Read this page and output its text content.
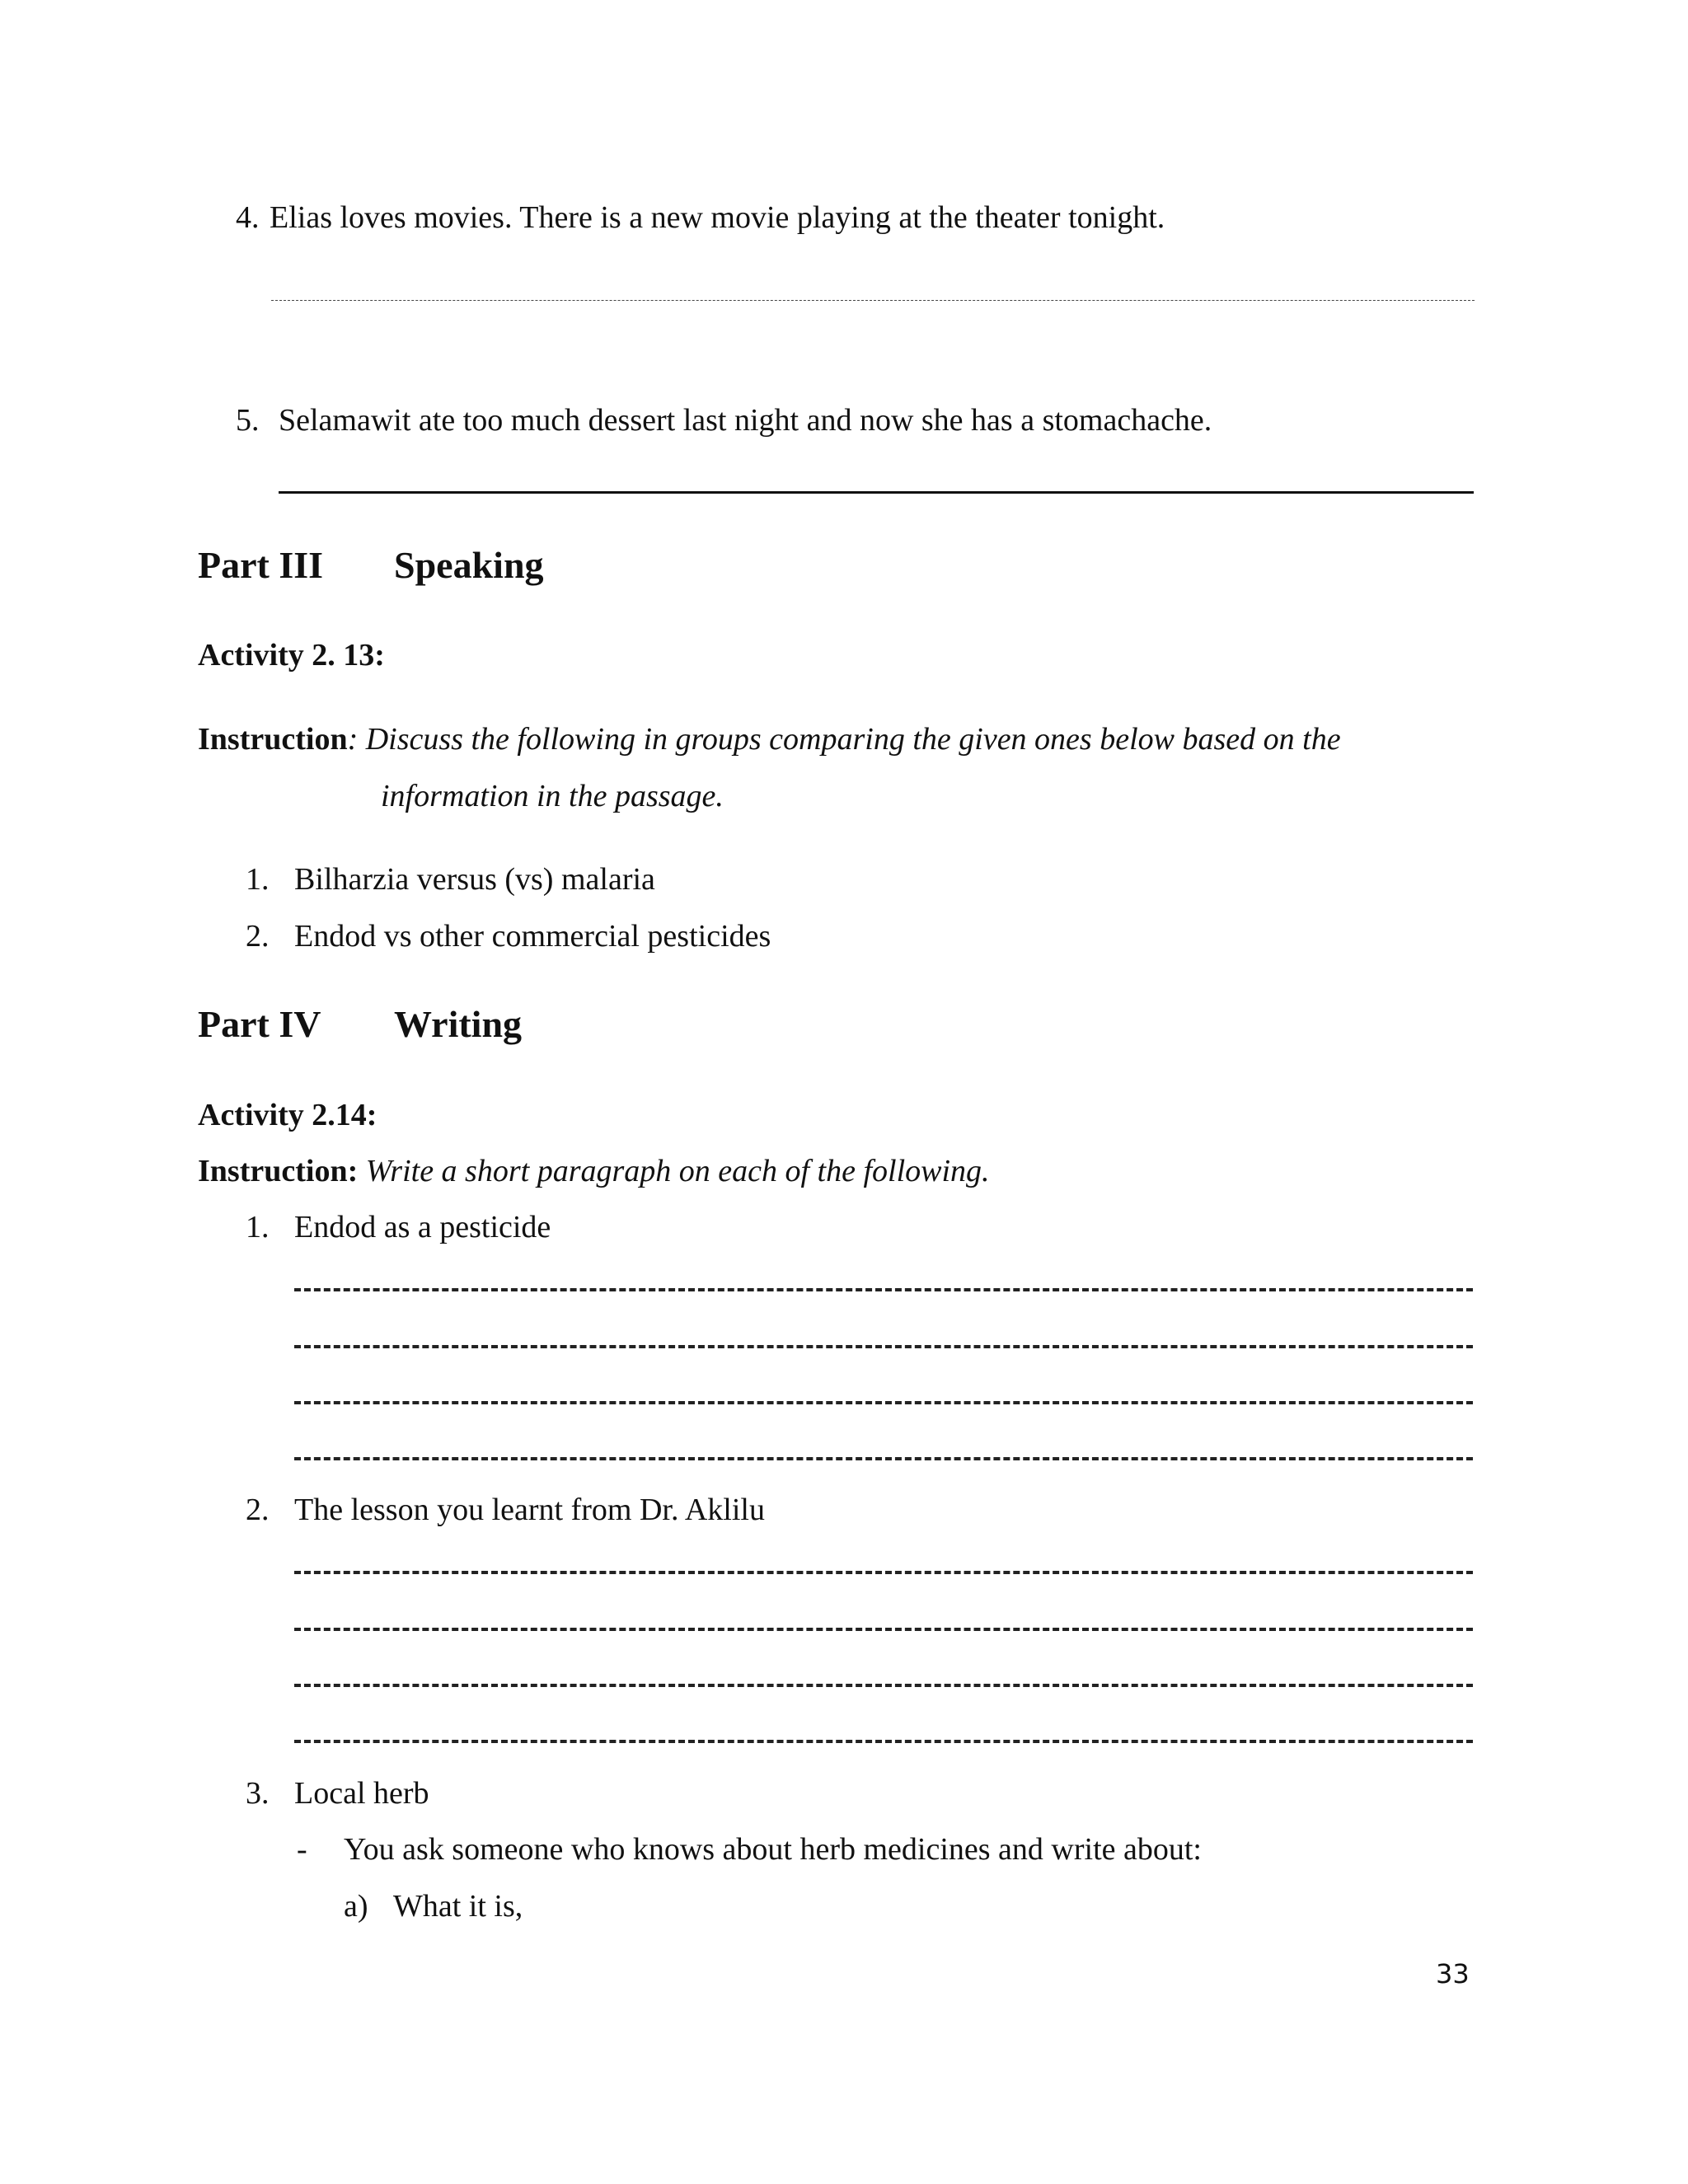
4. Elias loves movies. There is a new movie playing at the theater tonight.
5. Selamawit ate too much dessert last night and now she has a stomachache.
Part III Speaking
Activity 2. 13:
Instruction: Discuss the following in groups comparing the given ones below based on the
information in the passage.
1. Bilharzia versus (vs) malaria
2. Endod vs other commercial pesticides
Part IV Writing
Activity 2.14:
Instruction: Write a short paragraph on each of the following.
1. Endod as a pesticide
2. The lesson you learnt from Dr. Aklilu
3. Local herb
- You ask someone who knows about herb medicines and write about:
a) What it is,
33
